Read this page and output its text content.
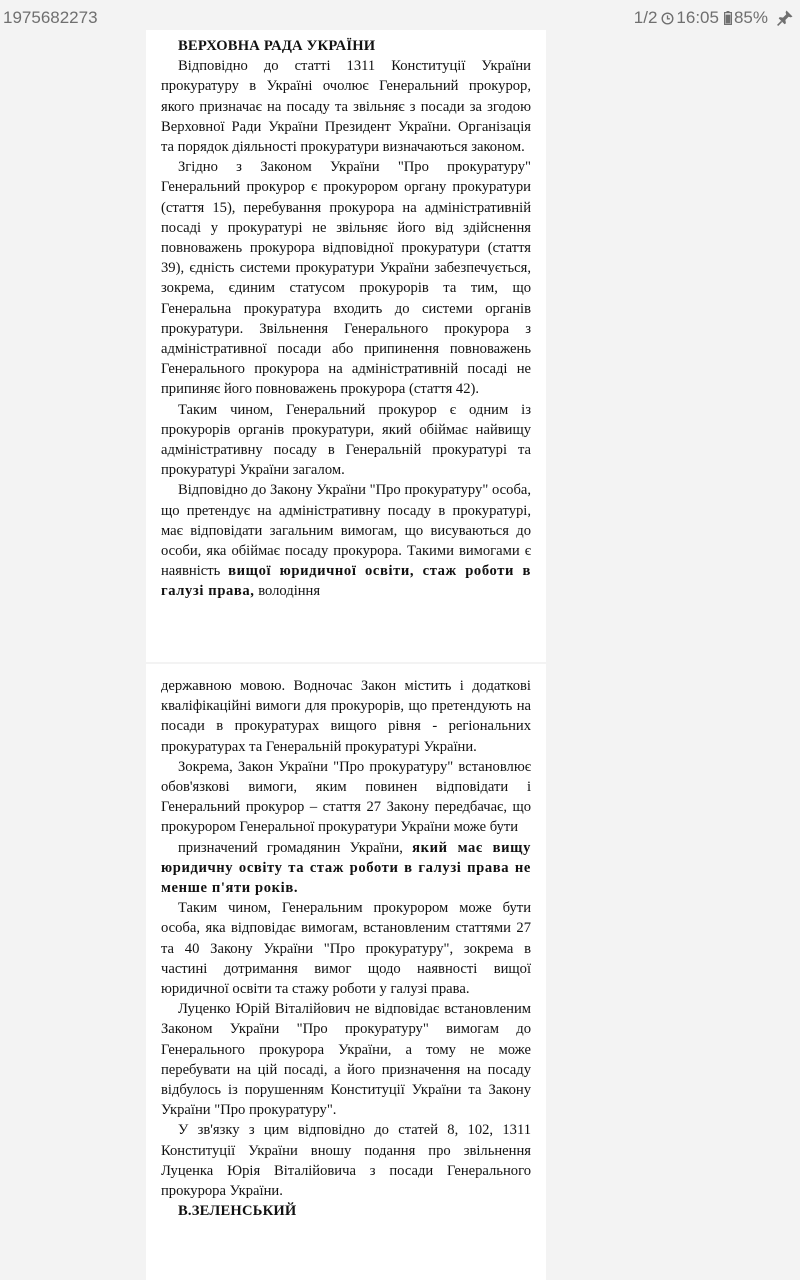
1975682273	1/2 16:05 85%

ВЕРХОВНА РАДА УКРАЇНИ

Відповідно до статті 1311 Конституції України прокуратуру в Україні очолює Генеральний прокурор, якого призначає на посаду та звільняє з посади за згодою Верховної Ради України Президент України. Організація та порядок діяльності прокуратури визначаються законом.

Згідно з Законом України "Про прокуратуру" Генеральний прокурор є прокурором органу прокуратури (стаття 15), перебування прокурора на адміністративній посаді у прокуратурі не звільняє його від здійснення повноважень прокурора відповідної прокуратури (стаття 39), єдність системи прокуратури України забезпечується, зокрема, єдиним статусом прокурорів та тим, що Генеральна прокуратура входить до системи органів прокуратури. Звільнення Генерального прокурора з адміністративної посади або припинення повноважень Генерального прокурора на адміністративній посаді не припиняє його повноважень прокурора (стаття 42).

Таким чином, Генеральний прокурор є одним із прокурорів органів прокуратури, який обіймає найвищу адміністративну посаду в Генеральній прокуратурі та прокуратурі України загалом.

Відповідно до Закону України "Про прокуратуру" особа, що претендує на адміністративну посаду в прокуратурі, має відповідати загальним вимогам, що висуваються до особи, яка обіймає посаду прокурора. Такими вимогами є наявність вищої юридичної освіти, стаж роботи в галузі права, володіння

державною мовою. Водночас Закон містить і додаткові кваліфікаційні вимоги для прокурорів, що претендують на посади в прокуратурах вищого рівня - регіональних прокуратурах та Генеральній прокуратурі України.

Зокрема, Закон України "Про прокуратуру" встановлює обов'язкові вимоги, яким повинен відповідати і Генеральний прокурор – стаття 27 Закону передбачає, що прокурором Генеральної прокуратури України може бути

призначений громадянин України, який має вищу юридичну освіту та стаж роботи в галузі права не менше п'яти років.

Таким чином, Генеральним прокурором може бути особа, яка відповідає вимогам, встановленим статтями 27 та 40 Закону України "Про прокуратуру", зокрема в частині дотримання вимог щодо наявності вищої юридичної освіти та стажу роботи у галузі права.

Луценко Юрій Віталійович не відповідає встановленим Законом України "Про прокуратуру" вимогам до Генерального прокурора України, а тому не може перебувати на цій посаді, а його призначення на посаду відбулось із порушенням Конституції України та Закону України "Про прокуратуру".

У зв'язку з цим відповідно до статей 8, 102, 1311 Конституції України вношу подання про звільнення Луценка Юрія Віталійовича з посади Генерального прокурора України.

В.ЗЕЛЕНСЬКИЙ
